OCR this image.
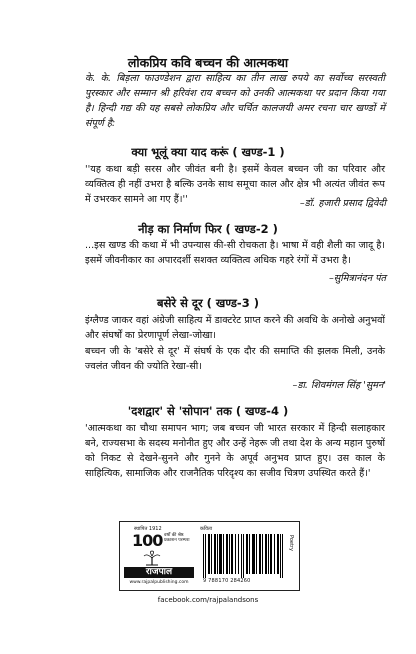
लोकप्रिय कवि बच्चन की आत्मकथा

के. के. बिड़ला फाउण्डेशन द्वारा साहित्य का तीन लाख रुपये का सर्वोच्च सरस्वती पुरस्कार और सम्मान श्री हरिवंश राय बच्चन को उनकी आत्मकथा पर प्रदान किया गया है। हिन्दी गद्य की यह सबसे लोकप्रिय और चर्चित कालजयी अमर रचना चार खण्डों में संपूर्ण है:

क्या भूलूं क्या याद करूं ( खण्ड-1 )

''यह कथा बड़ी सरस और जीवंत बनी है। इसमें केवल बच्चन जी का परिवार और व्यक्तित्व ही नहीं उभरा है बल्कि उनके साथ समूचा काल और क्षेत्र भी अत्यंत जीवंत रूप में उभरकर सामने आ गए हैं।''	–डॉ. हजारी प्रसाद द्विवेदी
नीड़ का निर्माण फिर ( खण्ड-2 )

...इस खण्ड की कथा में भी उपन्यास की-सी रोचकता है। भाषा में वही शैली का जादू है। इसमें जीवनीकार का अपारदर्शी सशक्त व्यक्तित्व अधिक गहरे रंगों में उभरा है।

–सुमित्रानंदन पंत
बसेरे से दूर ( खण्ड-3 )

इंग्लैण्ड जाकर वहां अंग्रेजी साहित्य में डाक्टरेट प्राप्त करने की अवधि के अनोखे अनुभवों और संघर्षों का प्रेरणापूर्ण लेखा-जोखा।

बच्चन जी के 'बसेरे से दूर' में संघर्ष के एक दौर की समाप्ति की झलक मिली, उनके ज्वलंत जीवन की ज्योति रेखा-सी।

–डा. शिवमंगल सिंह 'सुमन'
'दशद्वार' से 'सोपान' तक ( खण्ड-4 )

'आत्मकथा का चौथा समापन भाग; जब बच्चन जी भारत सरकार में हिन्दी सलाहकार बने, राज्यसभा के सदस्य मनोनीत हुए और उन्हें नेहरू जी तथा देश के अन्य महान पुरुषों को निकट से देखने-सुनने और गुनने के अपूर्व अनुभव प्राप्त हुए। उस काल के साहित्यिक, सामाजिक और राजनैतिक परिदृश्य का सजीव चित्रण उपस्थित करते हैं।'

स्थापित 1912
100 वर्षों की श्रेष्ठ प्रकाशन परम्परा
राजपाल
www.rajpalpublishing.com
कविता
Poetry
9 788170 284260
facebook.com/rajpalandsons
